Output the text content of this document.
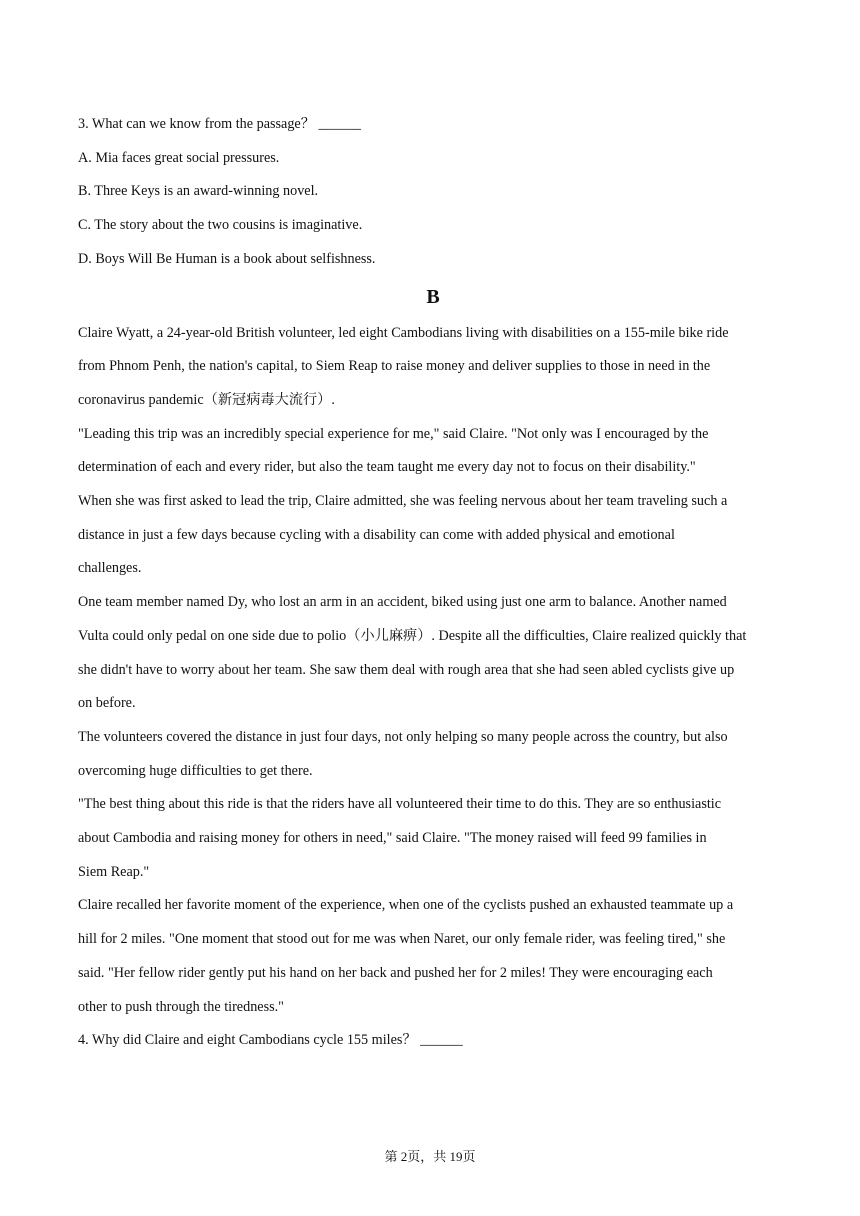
3. What can we know from the passage？ ______
A. Mia faces great social pressures.
B. Three Keys is an award-winning novel.
C. The story about the two cousins is imaginative.
D. Boys Will Be Human is a book about selfishness.
B
Claire Wyatt, a 24-year-old British volunteer, led eight Cambodians living with disabilities on a 155-mile bike ride
from Phnom Penh, the nation's capital, to Siem Reap to raise money and deliver supplies to those in need in the
coronavirus pandemic（新冠病毒大流行）.
"Leading this trip was an incredibly special experience for me," said Claire. "Not only was I encouraged by the
determination of each and every rider, but also the team taught me every day not to focus on their disability."
When she was first asked to lead the trip, Claire admitted, she was feeling nervous about her team traveling such a
distance in just a few days because cycling with a disability can come with added physical and emotional
challenges.
One team member named Dy, who lost an arm in an accident, biked using just one arm to balance. Another named
Vulta could only pedal on one side due to polio（小儿麻痹）. Despite all the difficulties, Claire realized quickly that
she didn't have to worry about her team. She saw them deal with rough area that she had seen abled cyclists give up
on before.
The volunteers covered the distance in just four days, not only helping so many people across the country, but also
overcoming huge difficulties to get there.
"The best thing about this ride is that the riders have all volunteered their time to do this. They are so enthusiastic
about Cambodia and raising money for others in need," said Claire. "The money raised will feed 99 families in
Siem Reap."
Claire recalled her favorite moment of the experience, when one of the cyclists pushed an exhausted teammate up a
hill for 2 miles. "One moment that stood out for me was when Naret, our only female rider, was feeling tired," she
said. "Her fellow rider gently put his hand on her back and pushed her for 2 miles! They were encouraging each
other to push through the tiredness."
4. Why did Claire and eight Cambodians cycle 155 miles？ ______
第 2页，共 19页
